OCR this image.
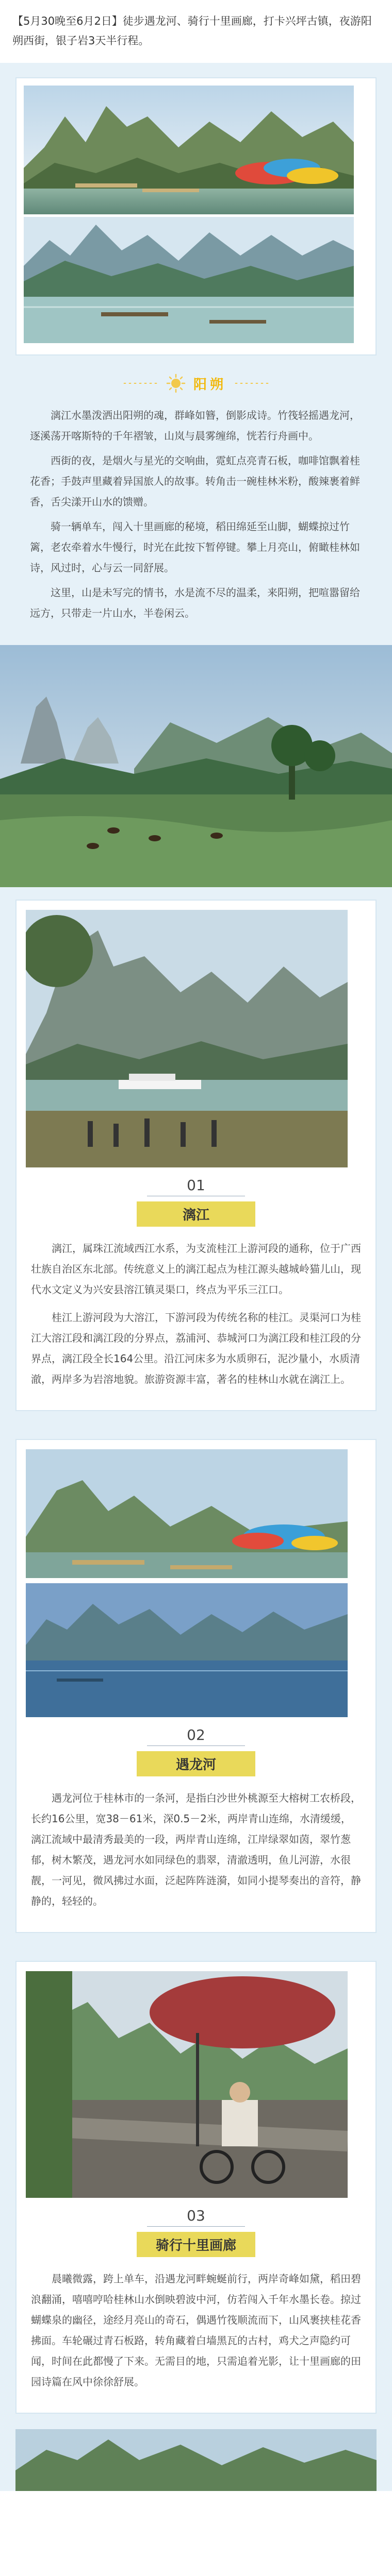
【5月30晚至6月2日】徒步遇龙河、骑行十里画廊，打卡兴坪古镇，夜游阳朔西街，银子岩3天半行程。

阳朔

漓江水墨泼洒出阳朔的魂，群峰如簪，倒影成诗。竹筏轻摇遇龙河，逐溪荡开喀斯特的千年褶皱，山岚与晨雾缠绵，恍若行舟画中。

西街的夜，是烟火与星光的交响曲，霓虹点亮青石板，咖啡馆飘着桂花香；手鼓声里藏着异国旅人的故事。转角击一碗桂林米粉，酸辣裹着鲜香，舌尖漾开山水的馈赠。

骑一辆单车，闯入十里画廊的秘境，稻田绵延至山脚，蝴蝶掠过竹篱，老农牵着水牛慢行，时光在此按下暂停键。攀上月亮山，俯瞰桂林如诗，风过时，心与云一同舒展。

这里，山是未写完的情书，水是流不尽的温柔，来阳朔，把喧嚣留给远方，只带走一片山水，半卷闲云。

01
漓江

漓江，属珠江流域西江水系，为支流桂江上游河段的通称，位于广西壮族自治区东北部。传统意义上的漓江起点为桂江源头越城岭猫儿山，现代水文定义为兴安县溶江镇灵渠口，终点为平乐三江口。

桂江上游河段为大溶江，下游河段为传统名称的桂江。灵渠河口为桂江大溶江段和漓江段的分界点，荔浦河、恭城河口为漓江段和桂江段的分界点，漓江段全长164公里。沿江河床多为水质卵石，泥沙量小，水质清澈，两岸多为岩溶地貌。旅游资源丰富，著名的桂林山水就在漓江上。

02
遇龙河

遇龙河位于桂林市的一条河，是指白沙世外桃源至大榕树工农桥段，长约16公里，宽38－61米，深0.5－2米，两岸青山连绵，水清缓缓，漓江流域中最清秀最美的一段，两岸青山连绵，江岸绿翠如茵，翠竹葱郁，树木繁茂，遇龙河水如同绿色的翡翠，清澈透明，鱼儿河游，水很靓，一河见，微风拂过水面，泛起阵阵涟漪，如同小提琴奏出的音符，静静的，轻轻的。

03
骑行十里画廊

晨曦微露，跨上单车，沿遇龙河畔蜿蜒前行，两岸奇峰如黛，稻田碧浪翻涌，嘻嘻哼哈桂林山水倒映碧波中河，仿若闯入千年水墨长卷。掠过蝴蝶泉的幽径，途经月亮山的奇石，偶遇竹筏顺流而下，山风裹挟桂花香拂面。车轮碾过青石板路，转角藏着白墙黑瓦的古村，鸡犬之声隐约可闻，时间在此都慢了下来。无需目的地，只需追着光影，让十里画廊的田园诗篇在风中徐徐舒展。
